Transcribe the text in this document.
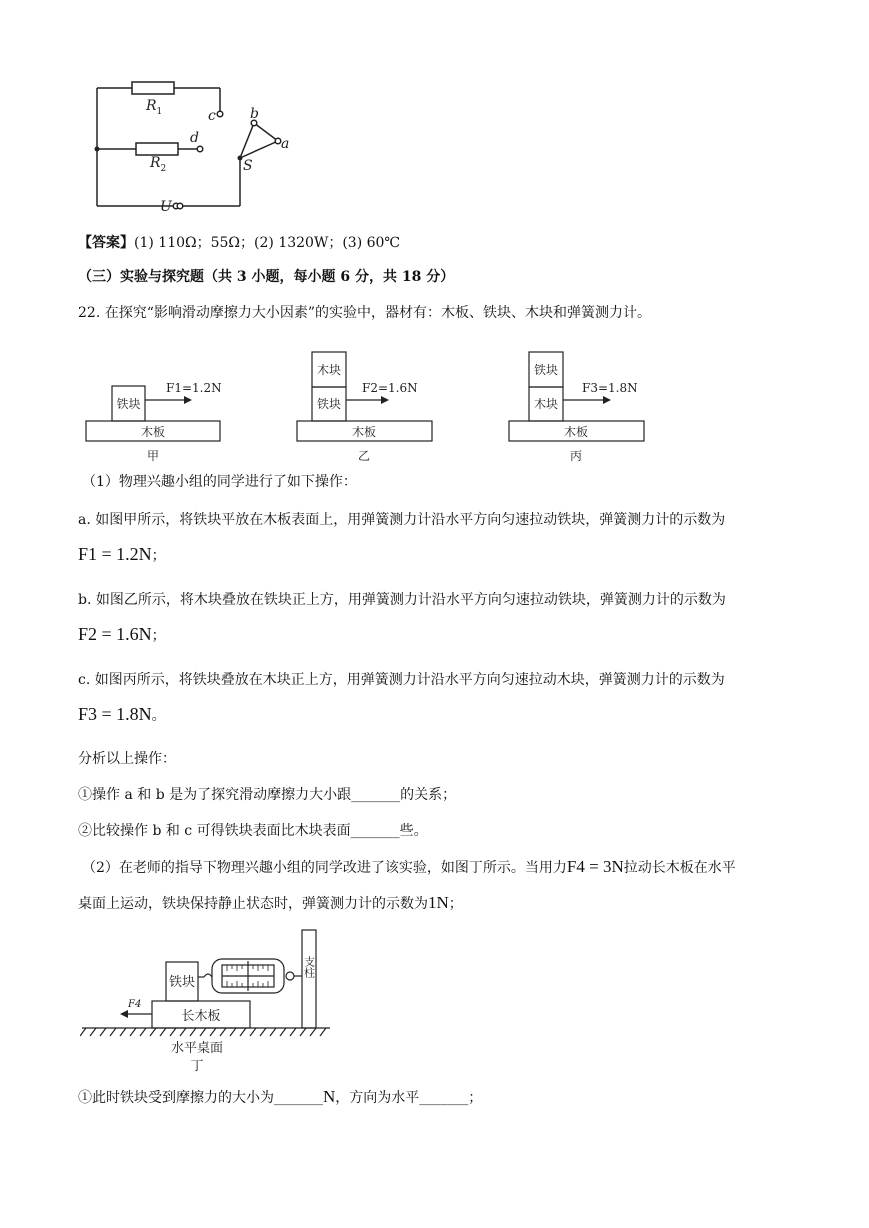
$R_1$
$R_2$
c
d
b
a
S
U
【答案】(1) 110Ω；55Ω；(2) 1320W；(3) 60℃
（三）实验与探究题（共 3 小题，每小题 6 分，共 18 分）
22. 在探究“影响滑动摩擦力大小因素”的实验中，器材有：木板、铁块、木块和弹簧测力计。
铁块
木板
甲
木块
铁块
木板
乙
铁块
木块
木板
丙
F1=1.2N	F2=1.6N	F3=1.8N
（1）物理兴趣小组的同学进行了如下操作：
a. 如图甲所示，将铁块平放在木板表面上，用弹簧测力计沿水平方向匀速拉动铁块，弹簧测力计的示数为
F1 = 1.2N；
b. 如图乙所示，将木块叠放在铁块正上方，用弹簧测力计沿水平方向匀速拉动铁块，弹簧测力计的示数为
F2 = 1.6N；
c. 如图丙所示，将铁块叠放在木块正上方，用弹簧测力计沿水平方向匀速拉动木块，弹簧测力计的示数为
F3 = 1.8N。
分析以上操作：
①操作 a 和 b 是为了探究滑动摩擦力大小跟_______的关系；
②比较操作 b 和 c 可得铁块表面比木块表面_______些。
（2）在老师的指导下物理兴趣小组的同学改进了该实验，如图丁所示。当用力F4 = 3N拉动长木板在水平
桌面上运动，铁块保持静止状态时，弹簧测力计的示数为1N；
铁块
长木板
水平桌面
丁
支柱
F4
①此时铁块受到摩擦力的大小为_______N，方向为水平_______；
